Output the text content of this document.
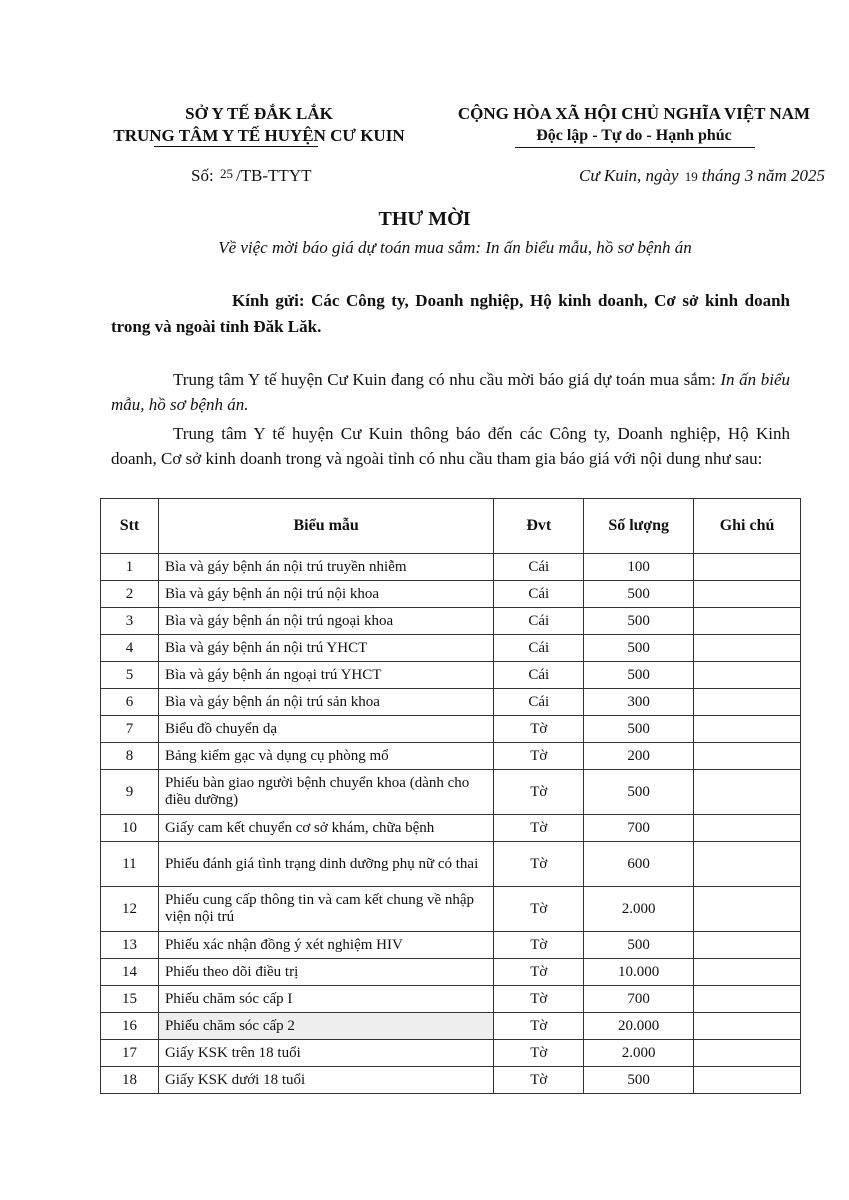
SỞ Y TẾ ĐẮK LẮK
TRUNG TÂM Y TẾ HUYỆN CƯ KUIN
CỘNG HÒA XÃ HỘI CHỦ NGHĨA VIỆT NAM
Độc lập - Tự do - Hạnh phúc
Số: 25 /TB-TTYT	Cư Kuin, ngày 19 tháng 3 năm 2025
THƯ MỜI
Về việc mời báo giá dự toán mua sắm: In ấn biểu mẫu, hồ sơ bệnh án
Kính gửi: Các Công ty, Doanh nghiệp, Hộ kinh doanh, Cơ sở kinh doanh trong và ngoài tỉnh Đăk Lăk.
Trung tâm Y tế huyện Cư Kuin đang có nhu cầu mời báo giá dự toán mua sắm: In ấn biểu mẫu, hồ sơ bệnh án.
Trung tâm Y tế huyện Cư Kuin thông báo đến các Công ty, Doanh nghiệp, Hộ Kinh doanh, Cơ sở kinh doanh trong và ngoài tỉnh có nhu cầu tham gia báo giá với nội dung như sau:
Stt	Biểu mẫu	Đvt	Số lượng	Ghi chú
1	Bìa và gáy bệnh án nội trú truyền nhiễm	Cái	100	
2	Bìa và gáy bệnh án nội trú nội khoa	Cái	500	
3	Bìa và gáy bệnh án nội trú ngoại khoa	Cái	500	
4	Bìa và gáy bệnh án nội trú YHCT	Cái	500	
5	Bìa và gáy bệnh án ngoại trú YHCT	Cái	500	
6	Bìa và gáy bệnh án nội trú sản khoa	Cái	300	
7	Biểu đồ chuyển dạ	Tờ	500	
8	Bảng kiểm gạc và dụng cụ phòng mổ	Tờ	200	
9	Phiếu bàn giao người bệnh chuyển khoa (dành cho điều dưỡng)	Tờ	500	
10	Giấy cam kết chuyển cơ sở khám, chữa bệnh	Tờ	700	
11	Phiếu đánh giá tình trạng dinh dưỡng phụ nữ có thai	Tờ	600	
12	Phiếu cung cấp thông tin và cam kết chung về nhập viện nội trú	Tờ	2.000	
13	Phiếu xác nhận đồng ý xét nghiệm HIV	Tờ	500	
14	Phiếu theo dõi điều trị	Tờ	10.000	
15	Phiếu chăm sóc cấp I	Tờ	700	
16	Phiếu chăm sóc cấp 2	Tờ	20.000	
17	Giấy KSK trên 18 tuổi	Tờ	2.000	
18	Giấy KSK dưới 18 tuổi	Tờ	500	
